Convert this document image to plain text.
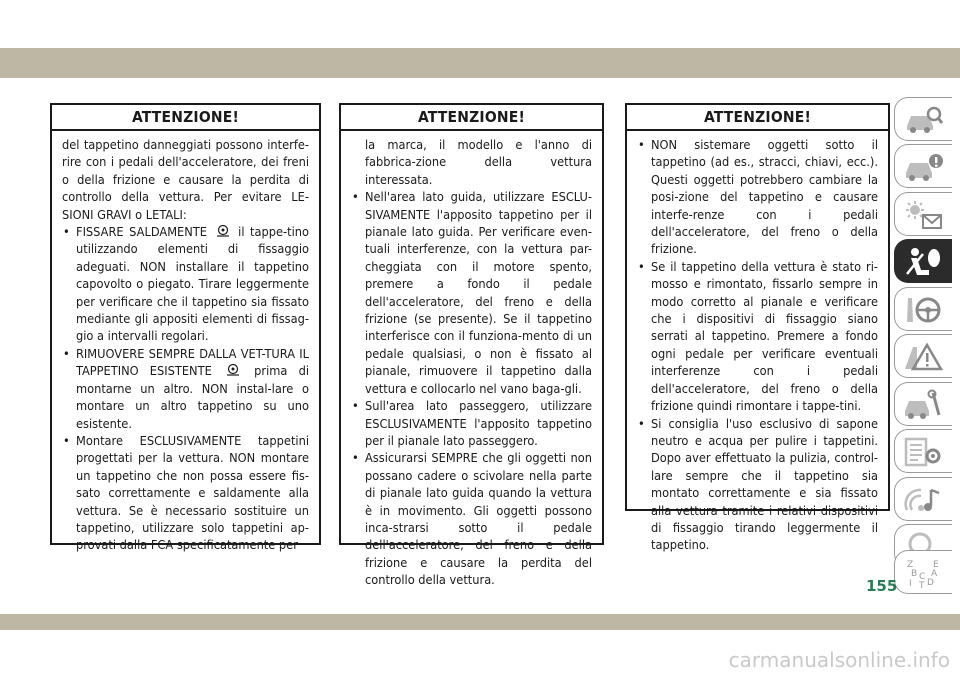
ATTENZIONE!

del tappetino danneggiati possono interfe-rire con i pedali dell'acceleratore, dei freni o della frizione e causare la perdita di controllo della vettura. Per evitare LE-SIONI GRAVI o LETALI:

• FISSARE SALDAMENTE il tappe-tino utilizzando elementi di fissaggio adeguati. NON installare il tappetino capovolto o piegato. Tirare leggermente per verificare che il tappetino sia fissato mediante gli appositi elementi di fissag-gio a intervalli regolari.
• RIMUOVERE SEMPRE DALLA VET-TURA IL TAPPETINO ESISTENTE	prima di montarne un altro. NON instal-lare o montare un altro tappetino su uno esistente.
• Montare ESCLUSIVAMENTE tappetini progettati per la vettura. NON montare un tappetino che non possa essere fis-sato correttamente e saldamente alla vettura. Se è necessario sostituire un tappetino, utilizzare solo tappetini ap-provati dalla FCA specificatamente per
ATTENZIONE!

la marca, il modello e l'anno di fabbrica-zione della vettura interessata.

• Nell'area lato guida, utilizzare ESCLU-SIVAMENTE l'apposito tappetino per il pianale lato guida. Per verificare even-tuali interferenze, con la vettura par-cheggiata con il motore spento, premere a fondo il pedale dell'acceleratore, del freno e della frizione (se presente). Se il tappetino interferisce con il funziona-mento di un pedale qualsiasi, o non è fissato al pianale, rimuovere il tappetino dalla vettura e collocarlo nel vano baga-gli.
• Sull'area lato passeggero, utilizzare ESCLUSIVAMENTE l'apposito tappetino per il pianale lato passeggero.
• Assicurarsi SEMPRE che gli oggetti non possano cadere o scivolare nella parte di pianale lato guida quando la vettura è in movimento. Gli oggetti possono inca-strarsi sotto il pedale dell'acceleratore, del freno e della frizione e causare la perdita del controllo della vettura.
ATTENZIONE!
• NON sistemare oggetti sotto il tappetino (ad es., stracci, chiavi, ecc.). Questi oggetti potrebbero cambiare la posi-zione del tappetino e causare interfe-renze con i pedali dell'acceleratore, del freno o della frizione.
• Se il tappetino della vettura è stato ri-mosso e rimontato, fissarlo sempre in modo corretto al pianale e verificare che i dispositivi di fissaggio siano serrati al tappetino. Premere a fondo ogni pedale per verificare eventuali interferenze con i pedali dell'acceleratore, del freno o della frizione quindi rimontare i tappe-tini.
• Si consiglia l'uso esclusivo di sapone neutro e acqua per pulire i tappetini. Dopo aver effettuato la pulizia, control-lare sempre che il tappetino sia montato correttamente e sia fissato alla vettura tramite i relativi dispositivi di fissaggio tirando leggermente il tappetino.
Z E
B A
C
D
I T
155
carmanualsonline.info
